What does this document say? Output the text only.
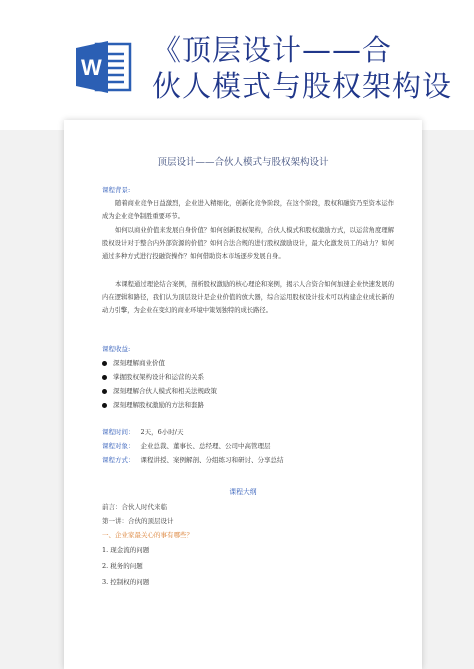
W
《顶层设计——合
伙人模式与股权架构设
顶层设计——合伙人模式与股权架构设计
课程背景:
随着商业竞争日益激烈，企业进入精细化，创新化竞争阶段，在这个阶段，股权和融资乃至资本运作成为企业竞争制胜重要环节。
如何以商业价值来发展自身价值？如何创新股权架构，合伙人模式和股权激励方式，以运营角度理解股权设计对于整合内外部资源的价值？如何合法合规的进行股权激励设计，最大化激发员工的动力？如何通过多种方式进行投融资操作？如何借助资本市场逐步发展自身。
本课程通过理论结合案例，剖析股权激励的核心理论和案例，揭示人合资合如何加速企业快速发展的内在逻辑和路径，我们认为顶层设计是企业价值的放大器，综合运用股权设计技术可以构建企业成长新的动力引擎，为企业在变幻的商业环境中策划独特的成长路径。
课程收益:
深刻理解商业价值
掌握股权架构设计和运营的关系
深刻理解合伙人模式和相关法规政策
深刻理解股权激励的方法和套路
课程时间： 2天，6小时/天
课程对象： 企业总裁、董事长、总经理、公司中高管理层
课程方式： 课程讲授、案例解剖、分组练习和研讨、分享总结
课程大纲
前言：合伙人时代来临
第一讲：合伙的顶层设计
一、企业家最关心的事有哪些？
1. 现金流的问题
2. 税务的问题
3. 控制权的问题
